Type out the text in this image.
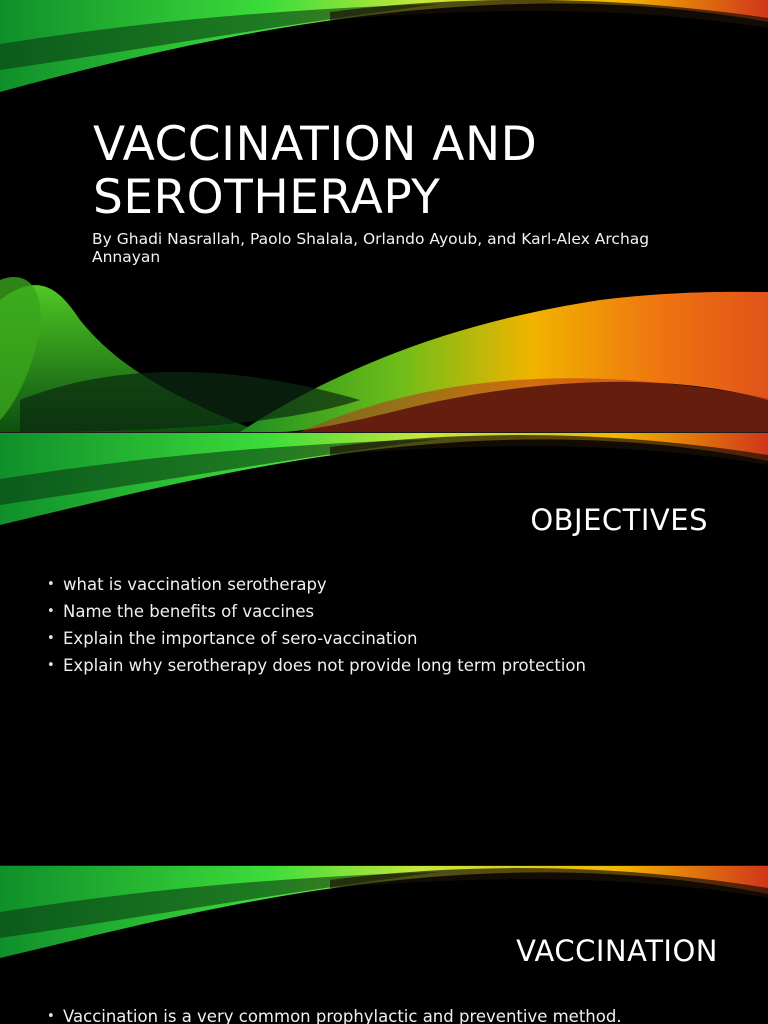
VACCINATION AND SEROTHERAPY

By Ghadi Nasrallah, Paolo Shalala, Orlando Ayoub, and Karl-Alex Archag Annayan

OBJECTIVES
• what is vaccination serotherapy
• Name the benefits of vaccines
• Explain the importance of sero-vaccination
• Explain why serotherapy does not provide long term protection
VACCINATION
• Vaccination is a very common prophylactic and preventive method.
